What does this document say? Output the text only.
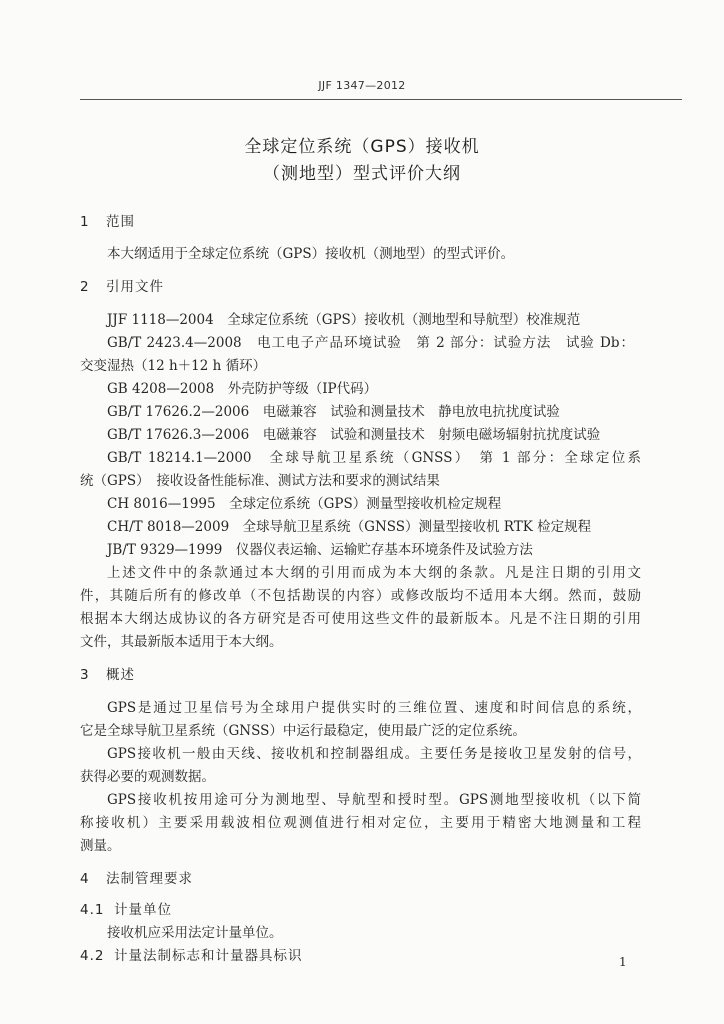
JJF 1347—2012
全球定位系统（GPS）接收机
（测地型）型式评价大纲
1 范围
本大纲适用于全球定位系统（GPS）接收机（测地型）的型式评价。
2 引用文件
JJF 1118—2004　全球定位系统（GPS）接收机（测地型和导航型）校准规范
GB/T 2423.4—2008　电工电子产品环境试验　第 2 部分：试验方法　试验 Db：
交变湿热（12 h＋12 h 循环）
GB 4208—2008　外壳防护等级（IP代码）
GB/T 17626.2—2006　电磁兼容　试验和测量技术　静电放电抗扰度试验
GB/T 17626.3—2006　电磁兼容　试验和测量技术　射频电磁场辐射抗扰度试验
GB/T 18214.1—2000　全球导航卫星系统（GNSS）　第 1 部分：全球定位系
统（GPS）　接收设备性能标准、测试方法和要求的测试结果
CH 8016—1995　全球定位系统（GPS）测量型接收机检定规程
CH/T 8018—2009　全球导航卫星系统（GNSS）测量型接收机 RTK 检定规程
JB/T 9329—1999　仪器仪表运输、运输贮存基本环境条件及试验方法
上述文件中的条款通过本大纲的引用而成为本大纲的条款。凡是注日期的引用文
件，其随后所有的修改单（不包括勘误的内容）或修改版均不适用本大纲。然而，鼓励
根据本大纲达成协议的各方研究是否可使用这些文件的最新版本。凡是不注日期的引用
文件，其最新版本适用于本大纲。
3 概述
GPS是通过卫星信号为全球用户提供实时的三维位置、速度和时间信息的系统，
它是全球导航卫星系统（GNSS）中运行最稳定，使用最广泛的定位系统。
GPS接收机一般由天线、接收机和控制器组成。主要任务是接收卫星发射的信号，
获得必要的观测数据。
GPS接收机按用途可分为测地型、导航型和授时型。GPS测地型接收机（以下简
称接收机）主要采用载波相位观测值进行相对定位，主要用于精密大地测量和工程
测量。
4 法制管理要求
4.1 计量单位
接收机应采用法定计量单位。
4.2 计量法制标志和计量器具标识	1
